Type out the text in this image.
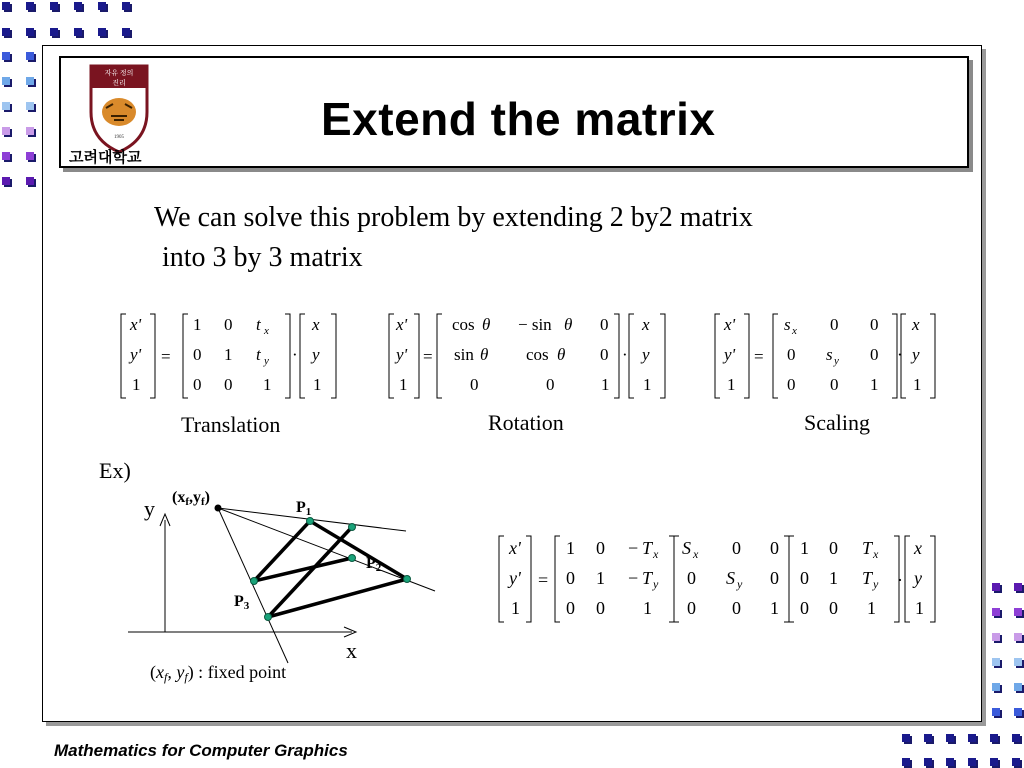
자유 정의
진리
1905
고려대학교
Extend the matrix
We can solve this problem by extending 2 by2 matrix
into 3 by 3 matrix
x'
y'
1
=
1 0 t x
0 1 t y
0 0 1
·
x
y
1
Translation
x'
y'
1
=
cos θ − sin θ 0
sin θ cos θ 0
0	0	1
·
x
y
1
Rotation
x'
y'
1
=
s x 0 0
0 s y 0
0 0 1
·
x
y
1
Scaling
Ex)
y
x
(xf,yf)
P1
P2
P3
(xf, yf) : fixed point
x'
y'
1
=
1 0 − T x
0 1 − T y
0 0 1
S x 0 0
0 S y 0
0 0 1
1 0 T x
0 1 T y
0 0 1
·
x
y
1
Mathematics for Computer Graphics
